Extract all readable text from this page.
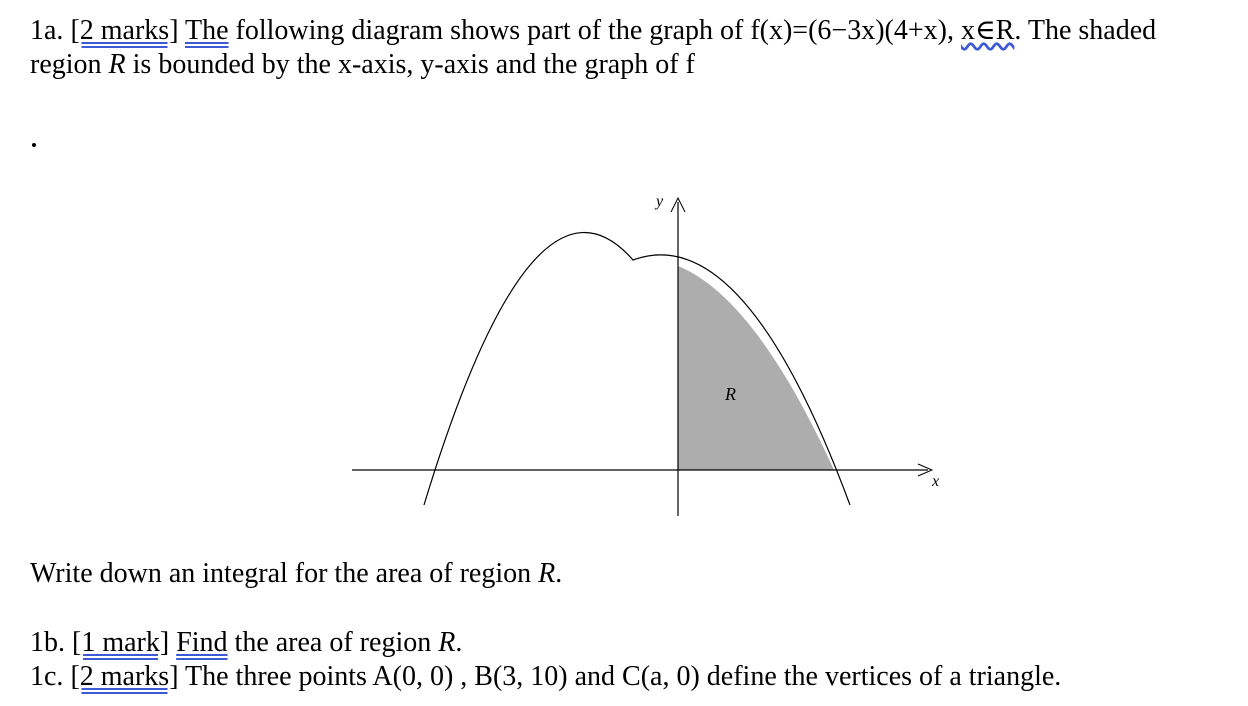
1a. [2 marks] The following diagram shows part of the graph of f(x)=(6−3x)(4+x), x∈R. The shaded
region R is bounded by the x-axis, y-axis and the graph of f
y
x
R
Write down an integral for the area of region R.
1b. [1 mark] Find the area of region R.
1c. [2 marks] The three points A(0, 0) , B(3, 10) and C(a, 0) define the vertices of a triangle.
